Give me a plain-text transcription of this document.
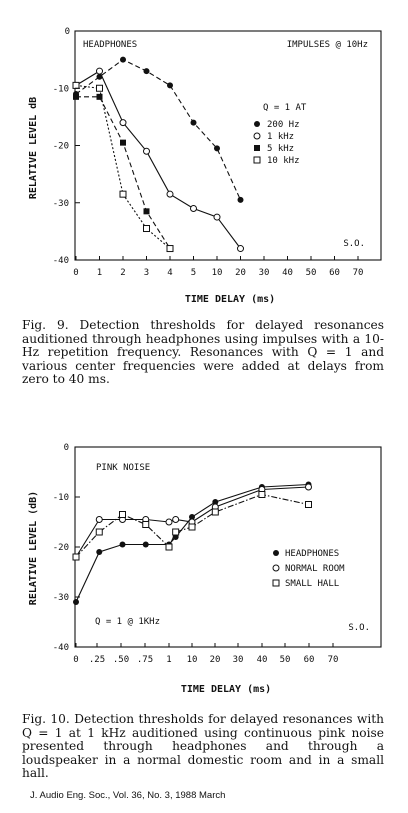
-10
-20
-30
-40
0 1 2 3 4 5 10 20 30 40 50 60 70
0
HEADPHONES	IMPULSES @ 10Hz
S.O.
Q = 1 AT
200 Hz
1 kHz
5 kHz
10 kHz
RELATIVE LEVEL dB
TIME DELAY (ms)

Fig. 9. Detection thresholds for delayed resonances auditioned through headphones using impulses with a 10-Hz repetition frequency. Resonances with Q = 1 and various center frequencies were added at delays from zero to 40 ms.

0
-10
-20
-30
-40
0 .25 .50 .75 1 10 20 30 40 50 60 70
PINK NOISE
Q = 1 @ 1KHz
S.O.
HEADPHONES
NORMAL ROOM
SMALL HALL
RELATIVE LEVEL (dB)
TIME DELAY (ms)

Fig. 10. Detection thresholds for delayed resonances with Q = 1 at 1 kHz auditioned using continuous pink noise presented through headphones and through a loudspeaker in a normal domestic room and in a small hall.

J. Audio Eng. Soc., Vol. 36, No. 3, 1988 March
